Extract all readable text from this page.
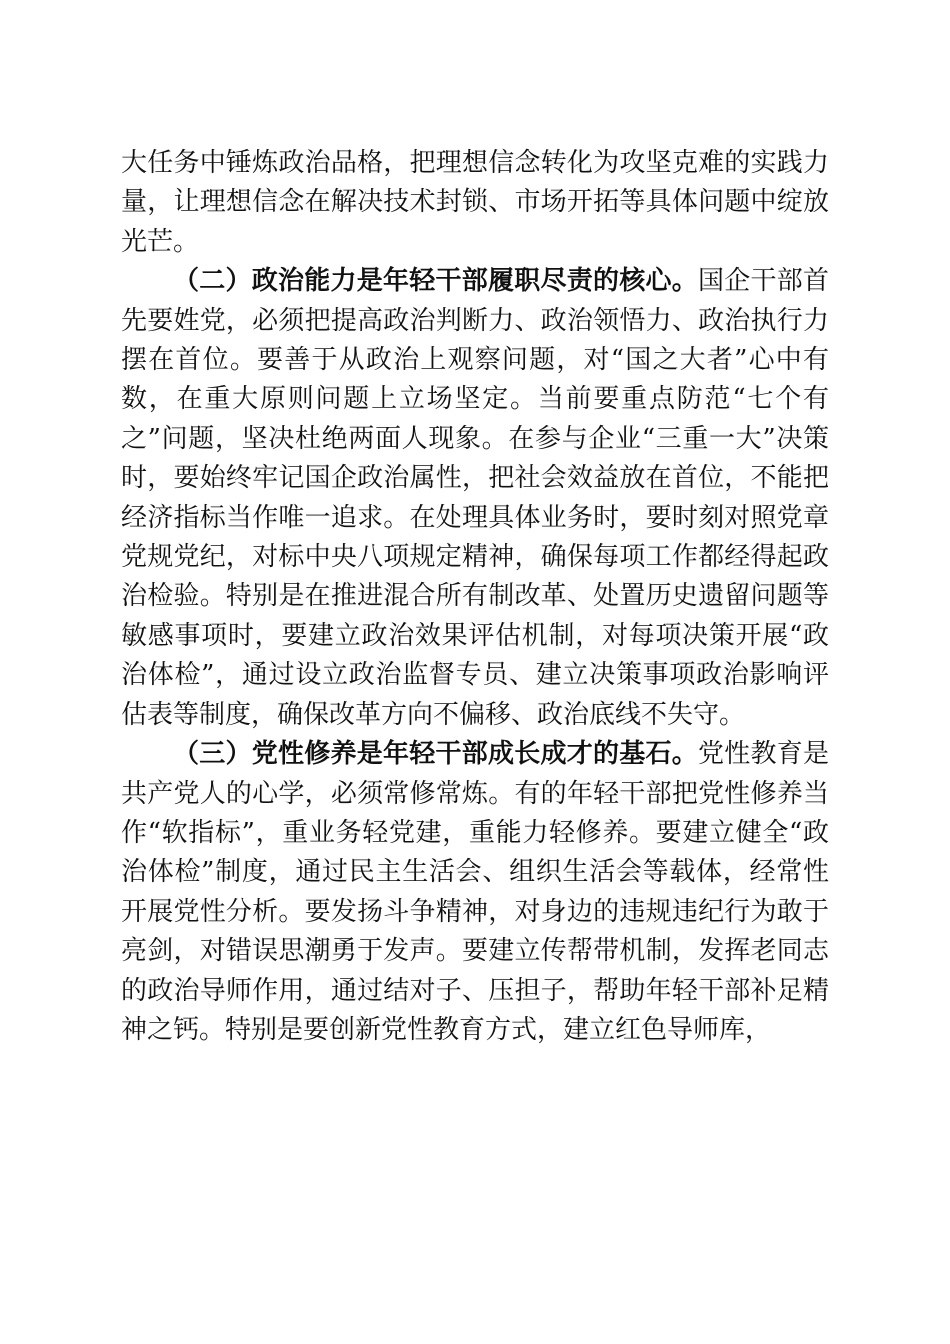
大任务中锤炼政治品格，把理想信念转化为攻坚克难的实践力量，让理想信念在解决技术封锁、市场开拓等具体问题中绽放光芒。

（二）政治能力是年轻干部履职尽责的核心。国企干部首先要姓党，必须把提高政治判断力、政治领悟力、政治执行力摆在首位。要善于从政治上观察问题，对“国之大者”心中有数，在重大原则问题上立场坚定。当前要重点防范“七个有之”问题，坚决杜绝两面人现象。在参与企业“三重一大”决策时，要始终牢记国企政治属性，把社会效益放在首位，不能把经济指标当作唯一追求。在处理具体业务时，要时刻对照党章党规党纪，对标中央八项规定精神，确保每项工作都经得起政治检验。特别是在推进混合所有制改革、处置历史遗留问题等敏感事项时，要建立政治效果评估机制，对每项决策开展“政治体检”，通过设立政治监督专员、建立决策事项政治影响评估表等制度，确保改革方向不偏移、政治底线不失守。

（三）党性修养是年轻干部成长成才的基石。党性教育是共产党人的心学，必须常修常炼。有的年轻干部把党性修养当作“软指标”，重业务轻党建，重能力轻修养。要建立健全“政治体检”制度，通过民主生活会、组织生活会等载体，经常性开展党性分析。要发扬斗争精神，对身边的违规违纪行为敢于亮剑，对错误思潮勇于发声。要建立传帮带机制，发挥老同志的政治导师作用，通过结对子、压担子，帮助年轻干部补足精神之钙。特别是要创新党性教育方式，建立红色导师库，
